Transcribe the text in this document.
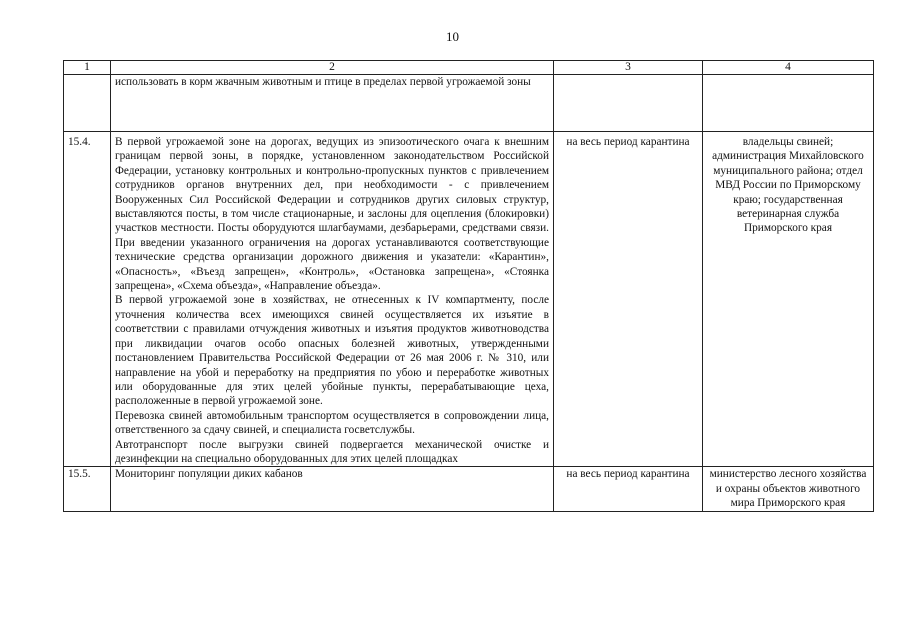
10
1	2	3	4
	использовать в корм жвачным животным и птице в пределах первой угрожаемой зоны		
15.4.	В первой угрожаемой зоне на дорогах, ведущих из эпизоотического очага к внешним границам первой зоны, в порядке, установленном законодательством Российской Федерации, установку контрольных и контрольно-пропускных пунктов с привлечением сотрудников органов внутренних дел, при необходимости - с привлечением Вооруженных Сил Российской Федерации и сотрудников других силовых структур, выставляются посты, в том числе стационарные, и заслоны для оцепления (блокировки) участков местности. Посты оборудуются шлагбаумами, дезбарьерами, средствами связи. При введении указанного ограничения на дорогах устанавливаются соответствующие технические средства организации дорожного движения и указатели: «Карантин», «Опасность», «Въезд запрещен», «Контроль», «Остановка запрещена», «Стоянка запрещена», «Схема объезда», «Направление объезда».

В первой угрожаемой зоне в хозяйствах, не отнесенных к IV компартменту, после уточнения количества всех имеющихся свиней осуществляется их изъятие в соответствии с правилами отчуждения животных и изъятия продуктов животноводства при ликвидации очагов особо опасных болезней животных, утвержденными постановлением Правительства Российской Федерации от 26 мая 2006 г. № 310, или направление на убой и переработку на предприятия по убою и переработке животных или оборудованные для этих целей убойные пункты, перерабатывающие цеха, расположенные в первой угрожаемой зоне.

Перевозка свиней автомобильным транспортом осуществляется в сопровождении лица, ответственного за сдачу свиней, и специалиста госветслужбы.

Автотранспорт после выгрузки свиней подвергается механической очистке и дезинфекции на специально оборудованных для этих целей площадках	на весь период карантина	владельцы свиней; администрация Михайловского муниципального района; отдел МВД России по Приморскому краю; государственная ветеринарная служба Приморского края
15.5.	Мониторинг популяции диких кабанов	на весь период карантина	министерство лесного хозяйства и охраны объектов животного мира Приморского края
